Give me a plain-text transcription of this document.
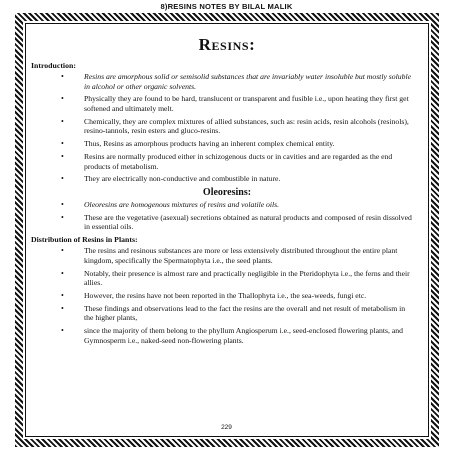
8)RESINS NOTES BY BILAL MALIK
Resins:
Introduction:
•	Resins are amorphous solid or semisolid substances that are invariably water insoluble but mostly soluble in alcohol or other organic solvents.
•	Physically they are found to be hard, translucent or transparent and fusible i.e., upon heating they first get softened and ultimately melt.
•	Chemically, they are complex mixtures of allied substances, such as: resin acids, resin alcohols (resinols), resino-tannols, resin esters and gluco-resins.
•	Thus, Resins as amorphous products having an inherent complex chemical entity.
•	Resins are normally produced either in schizogenous ducts or in cavities and are regarded as the end products of metabolism.
•	They are electrically non-conductive and combustible in nature.
Oleoresins:
•	Oleoresins are homogenous mixtures of resins and volatile oils.
•	These are the vegetative (asexual) secretions obtained as natural products and composed of resin dissolved in essential oils.
Distribution of Resins in Plants:
•	The resins and resinous substances are more or less extensively distributed throughout the entire plant kingdom, specifically the Spermatophyta i.e., the seed plants.
•	Notably, their presence is almost rare and practically negligible in the Pteridophyta i.e., the ferns and their allies.
•	However, the resins have not been reported in the Thallophyta i.e., the sea-weeds, fungi etc.
•	These findings and observations lead to the fact the resins are the overall and net result of metabolism in the higher plants,
•	since the majority of them belong to the phyllum Angiosperum i.e., seed-enclosed flowering plants, and Gymnosperm i.e., naked-seed non-flowering plants.
229
